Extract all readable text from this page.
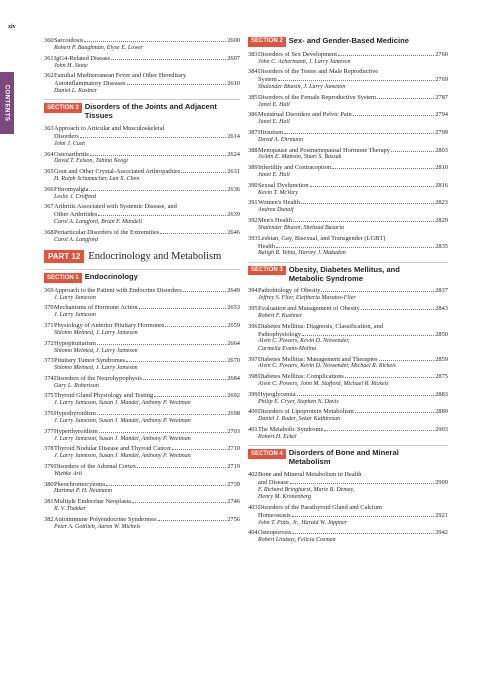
xiv
CONTENTS
360 Sarcoidosis	2600
Robert P. Baughman, Elyse E. Lower
361 IgG4-Related Disease	2607
John H. Stone
362 Familial Mediterranean Fever and Other Hereditary
Autoinflammatory Diseases	2610
Daniel L. Kastner
SECTION 3 Disorders of the Joints and Adjacent
Tissues
363 Approach to Articular and Musculoskeletal
Disorders	2614
John J. Cush
364 Osteoarthritis	2624
David T. Felson, Tuhina Neogi
365 Gout and Other Crystal-Associated Arthropathies	2631
H. Ralph Schumacher, Lan X. Chen
366 Fibromyalgia	2636
Leslie J. Crofford
367 Arthritis Associated with Systemic Disease, and
Other Arthritides	2639
Carol A. Langford, Brian F. Mandell
368 Periarticular Disorders of the Extremities	2646
Carol A. Langford
PART 12 Endocrinology and Metabolism
SECTION 1 Endocrinology
369 Approach to the Patient with Endocrine Disorders	2649
J. Larry Jameson
370 Mechanisms of Hormone Action	2653
J. Larry Jameson
371 Physiology of Anterior Pituitary Hormones	2659
Shlomo Melmed, J. Larry Jameson
372 Hypopituitarism	2664
Shlomo Melmed, J. Larry Jameson
373 Pituitary Tumor Syndromes	2670
Shlomo Melmed, J. Larry Jameson
374 Disorders of the Neurohypophysis	2684
Gary L. Robertson
375 Thyroid Gland Physiology and Testing	2692
J. Larry Jameson, Susan J. Mandel, Anthony P. Weetman
376 Hypothyroidism	2698
J. Larry Jameson, Susan J. Mandel, Anthony P. Weetman
377 Hyperthyroidism	2703
J. Larry Jameson, Susan J. Mandel, Anthony P. Weetman
378 Thyroid Nodular Disease and Thyroid Cancer	2710
J. Larry Jameson, Susan J. Mandel, Anthony P. Weetman
379 Disorders of the Adrenal Cortex	2719
Wiebke Arlt
380 Pheochromocytoma	2739
Hartmut P. H. Neumann
381 Multiple Endocrine Neoplasia	2746
R. V. Thakker
382 Autoimmune Polyendocrine Syndromes	2756
Peter A. Gottlieb, Aaron W. Michels
SECTION 2 Sex- and Gender-Based Medicine
383 Disorders of Sex Development	2760
John C. Achermann, J. Larry Jameson
384 Disorders of the Testes and Male Reproductive
System	2769
Shalender Bhasin, J. Larry Jameson
385 Disorders of the Female Reproductive System	2787
Janet E. Hall
386 Menstrual Disorders and Pelvic Pain	2794
Janet E. Hall
387 Hirsutism	2799
David A. Ehrmann
388 Menopause and Postmenopausal Hormone Therapy	2803
JoAnn E. Manson, Shari S. Bassuk
389 Infertility and Contraception	2810
Janet E. Hall
390 Sexual Dysfunction	2816
Kevin T. McVary
391 Women's Health	2823
Andrea Dunaif
392 Men's Health	2829
Shalender Bhasin, Shehzad Basaria
393 Lesbian, Gay, Bisexual, and Transgender (LGBT)
Health	2835
Baligh R. Yehia, Harvey J. Makadon
SECTION 3 Obesity, Diabetes Mellitus, and
Metabolic Syndrome
394 Pathobiology of Obesity	2837
Jeffrey S. Flier, Eleftheria Maratos-Flier
395 Evaluation and Management of Obesity	2843
Robert F. Kushner
396 Diabetes Mellitus: Diagnosis, Classification, and
Pathophysiology	2850
Alvin C. Powers, Kevin D. Niswender,
Carmella Evans-Molina
397 Diabetes Mellitus: Management and Therapies	2859
Alvin C. Powers, Kevin D. Niswender, Michael R. Rickels
398 Diabetes Mellitus: Complications	2875
Alvin C. Powers, John M. Stafford, Michael R. Rickels
399 Hypoglycemia	2883
Philip E. Cryer, Stephen N. Davis
400 Disorders of Lipoprotein Metabolism	2889
Daniel J. Rader, Sekar Kathiresan
401 The Metabolic Syndrome	2903
Robert H. Eckel
SECTION 4 Disorders of Bone and Mineral
Metabolism
402 Bone and Mineral Metabolism in Health
and Disease	2909
F. Richard Bringhurst, Marie B. Demay,
Henry M. Kronenberg
403 Disorders of the Parathyroid Gland and Calcium
Homeostasis	2921
John T. Potts, Jr., Harald W. Jüppner
404 Osteoporosis	2942
Robert Lindsay, Felicia Cosman
